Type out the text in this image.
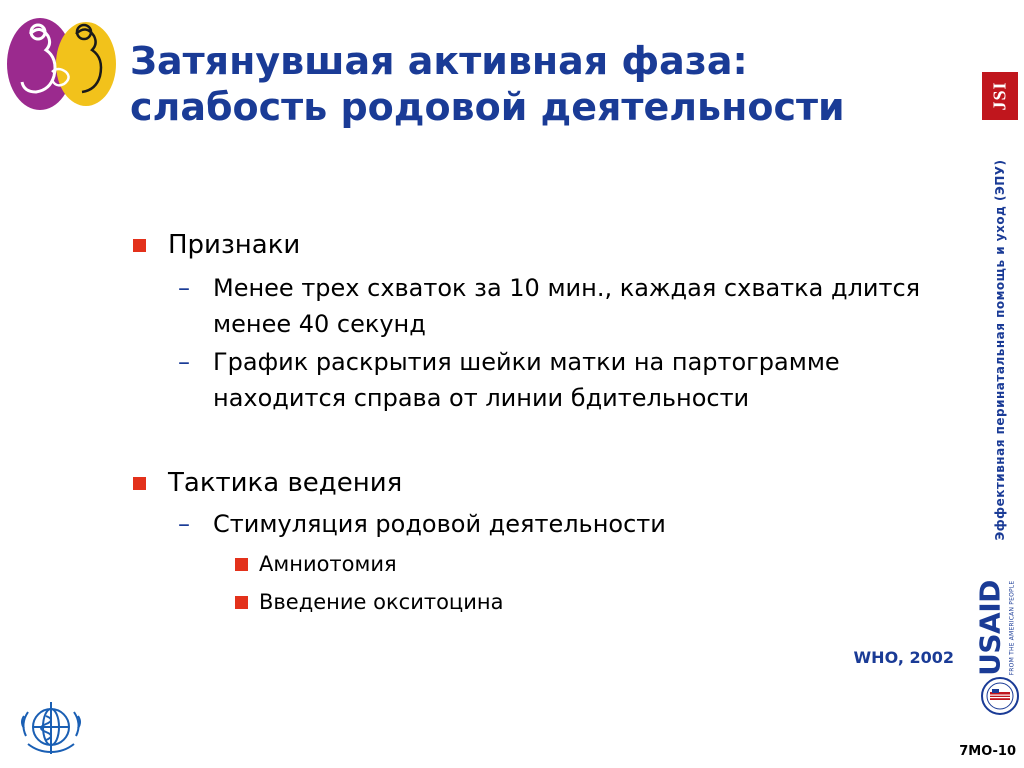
Затянувшая активная фаза:
слабость родовой деятельности
Признаки
– Менее трех схваток за 10 мин., каждая схватка длится менее 40 секунд
– График раскрытия шейки матки на партограмме находится справа от линии бдительности
Тактика ведения
– Стимуляция родовой деятельности
Амниотомия
Введение окситоцина
WHO, 2002
JSI
Эффективная перинатальная помощь и уход (ЭПУ)
USAID FROM THE AMERICAN PEOPLE
7MO-10
